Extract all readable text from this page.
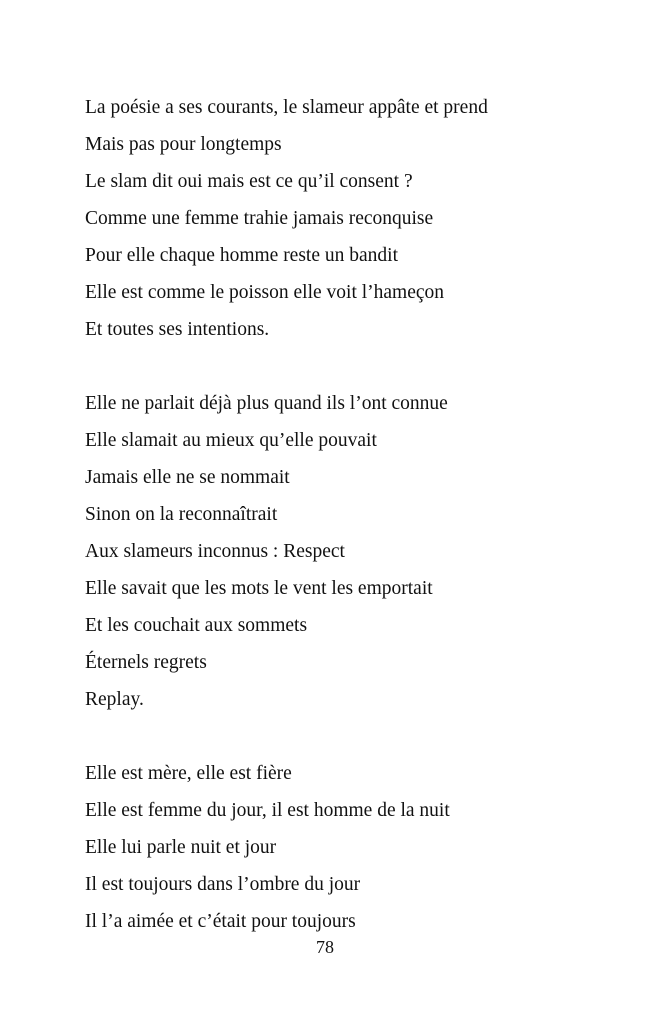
La poésie a ses courants, le slameur appâte et prend
Mais pas pour longtemps
Le slam dit oui mais est ce qu’il consent ?
Comme une femme trahie jamais reconquise
Pour elle chaque homme reste un bandit
Elle est comme le poisson elle voit l’hameçon
Et toutes ses intentions.
Elle ne parlait déjà plus quand ils l’ont connue
Elle slamait au mieux qu’elle pouvait
Jamais elle ne se nommait
Sinon on la reconnaîtrait
Aux slameurs inconnus : Respect
Elle savait que les mots le vent les emportait
Et les couchait aux sommets
Éternels regrets
Replay.
Elle est mère, elle est fière
Elle est femme du jour, il est homme de la nuit
Elle lui parle nuit et jour
Il est toujours dans l’ombre du jour
Il l’a aimée et c’était pour toujours
78
